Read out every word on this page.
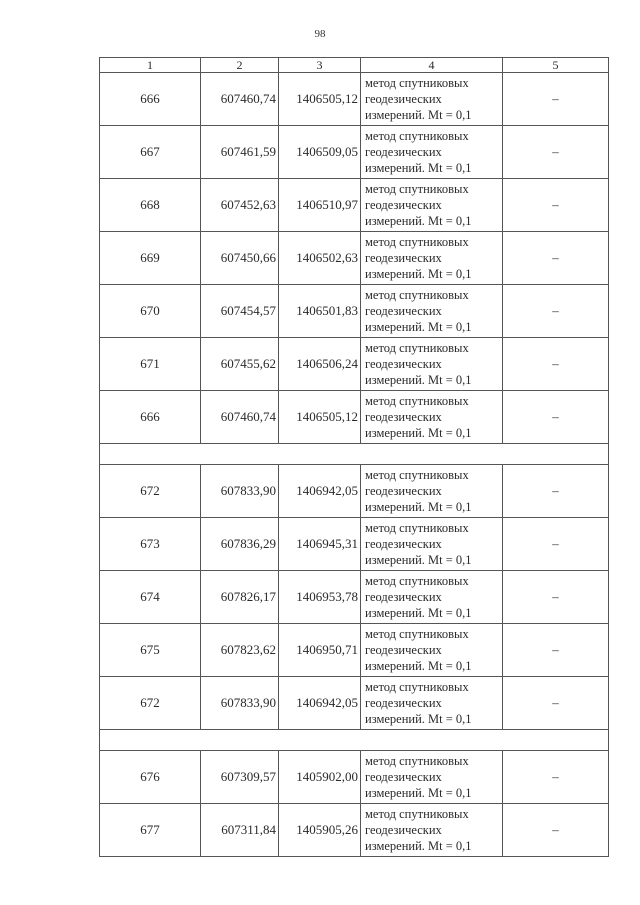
98
1	2	3	4	5
666	607460,74	1406505,12	метод спутниковых
геодезических
измерений. Mt = 0,1	–
667	607461,59	1406509,05	метод спутниковых
геодезических
измерений. Mt = 0,1	–
668	607452,63	1406510,97	метод спутниковых
геодезических
измерений. Mt = 0,1	–
669	607450,66	1406502,63	метод спутниковых
геодезических
измерений. Mt = 0,1	–
670	607454,57	1406501,83	метод спутниковых
геодезических
измерений. Mt = 0,1	–
671	607455,62	1406506,24	метод спутниковых
геодезических
измерений. Mt = 0,1	–
666	607460,74	1406505,12	метод спутниковых
геодезических
измерений. Mt = 0,1	–

672	607833,90	1406942,05	метод спутниковых
геодезических
измерений. Mt = 0,1	–
673	607836,29	1406945,31	метод спутниковых
геодезических
измерений. Mt = 0,1	–
674	607826,17	1406953,78	метод спутниковых
геодезических
измерений. Mt = 0,1	–
675	607823,62	1406950,71	метод спутниковых
геодезических
измерений. Mt = 0,1	–
672	607833,90	1406942,05	метод спутниковых
геодезических
измерений. Mt = 0,1	–

676	607309,57	1405902,00	метод спутниковых
геодезических
измерений. Mt = 0,1	–
677	607311,84	1405905,26	метод спутниковых
геодезических
измерений. Mt = 0,1	–
